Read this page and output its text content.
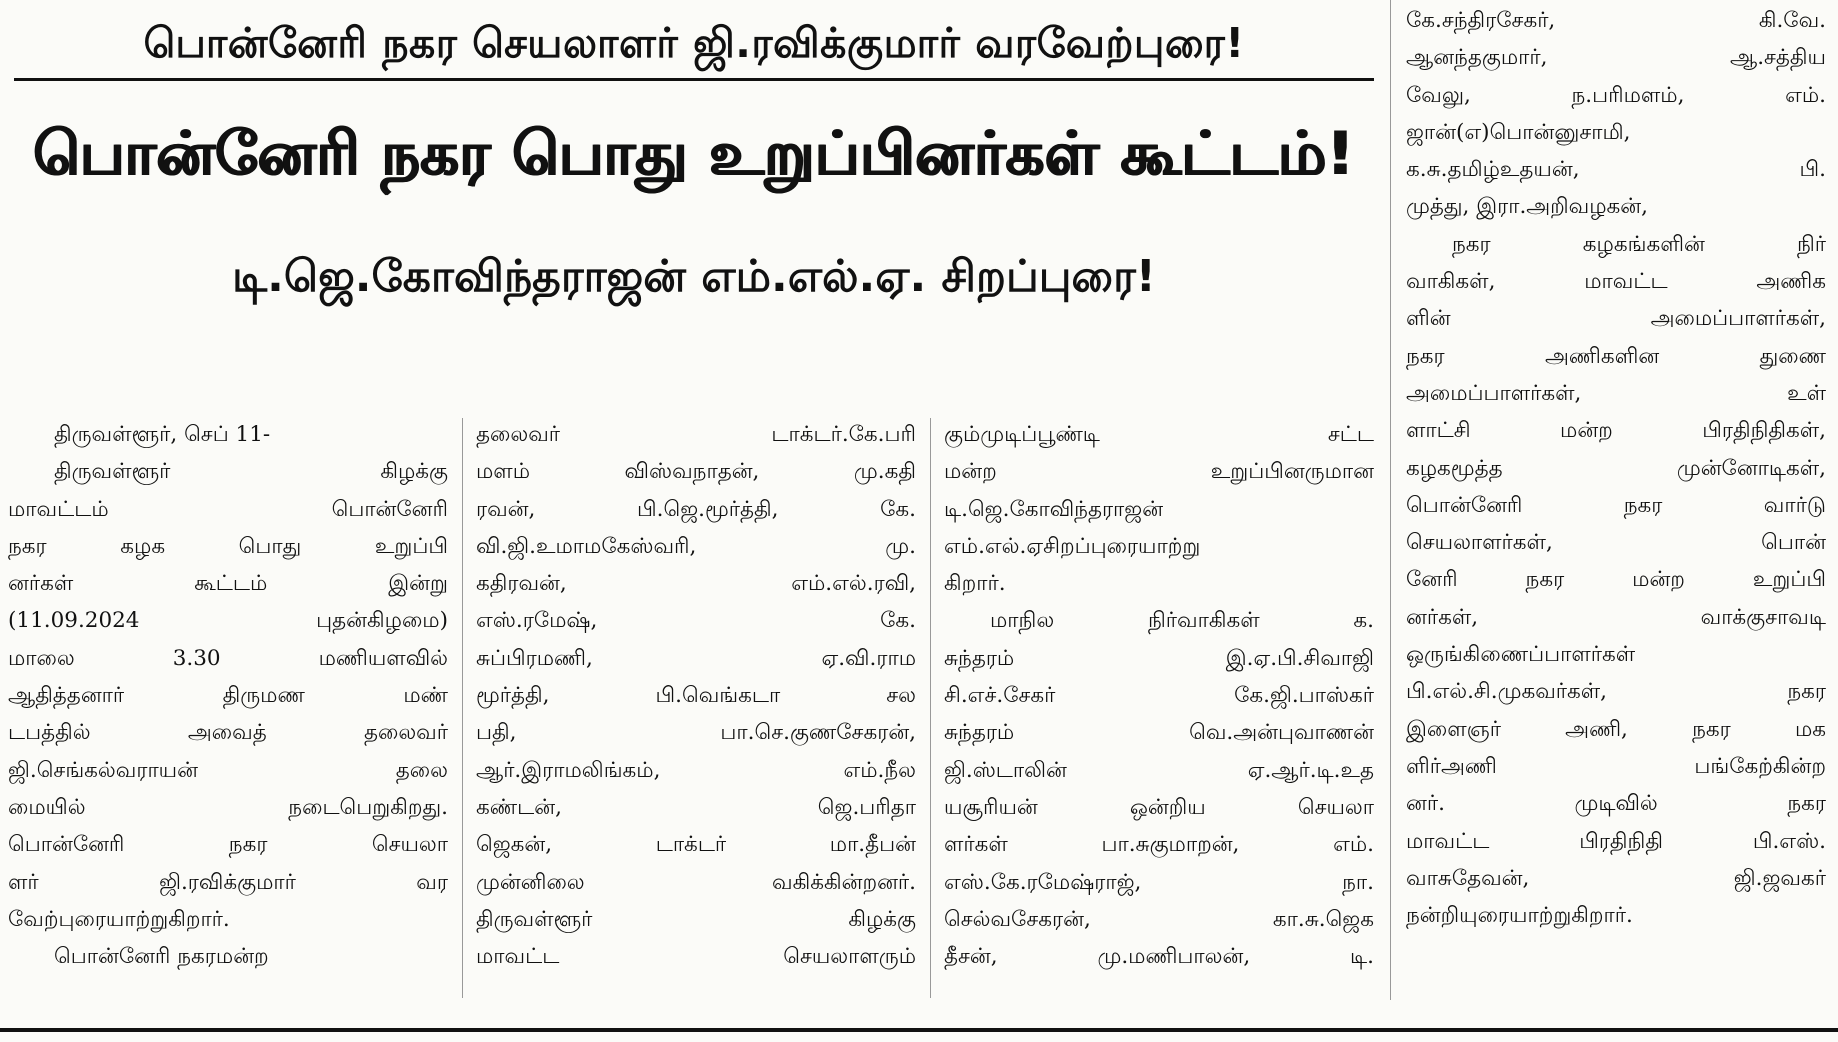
பொன்னேரி நகர செயலாளர் ஜி.ரவிக்குமார் வரவேற்புரை!
பொன்னேரி நகர பொது உறுப்பினர்கள் கூட்டம்!
டி.ஜெ.கோவிந்தராஜன் எம்.எல்.ஏ. சிறப்புரை!
திருவள்ளூர், செப் 11-
திருவள்ளூர் கிழக்கு
மாவட்டம் பொன்னேரி
நகர கழக பொது உறுப்பி
னர்கள் கூட்டம் இன்று
(11.09.2024 புதன்கிழமை)
மாலை 3.30 மணியளவில்
ஆதித்தனார் திருமண மண்
டபத்தில் அவைத் தலைவர்
ஜி.செங்கல்வராயன் தலை
மையில் நடைபெறுகிறது.
பொன்னேரி நகர செயலா
ளர் ஜி.ரவிக்குமார் வர
வேற்புரையாற்றுகிறார்.
பொன்னேரி நகரமன்ற
தலைவர் டாக்டர்.கே.பரி
மளம் விஸ்வநாதன், மு.கதி
ரவன், பி.ஜெ.மூர்த்தி, கே.
வி.ஜி.உமாமகேஸ்வரி, மு.
கதிரவன், எம்.எல்.ரவி,
எஸ்.ரமேஷ், கே.
சுப்பிரமணி, ஏ.வி.ராம
மூர்த்தி, பி.வெங்கடா சல
பதி, பா.செ.குணசேகரன்,
ஆர்.இராமலிங்கம், எம்.நீல
கண்டன், ஜெ.பரிதா
ஜெகன், டாக்டர் மா.தீபன்
முன்னிலை வகிக்கின்றனர்.
திருவள்ளூர் கிழக்கு
மாவட்ட செயலாளரும்
கும்முடிப்பூண்டி சட்ட
மன்ற உறுப்பினருமான
டி.ஜெ.கோவிந்தராஜன்
எம்.எல்.ஏசிறப்புரையாற்று
கிறார்.
மாநில நிர்வாகிகள் க.
சுந்தரம் இ.ஏ.பி.சிவாஜி
சி.எச்.சேகர் கே.ஜி.பாஸ்கர்
சுந்தரம் வெ.அன்புவாணன்
ஜி.ஸ்டாலின் ஏ.ஆர்.டி.உத
யசூரியன் ஒன்றிய செயலா
ளர்கள் பா.சுகுமாறன், எம்.
எஸ்.கே.ரமேஷ்ராஜ், நா.
செல்வசேகரன், கா.சு.ஜெக
தீசன், மு.மணிபாலன், டி.
கே.சந்திரசேகர், கி.வே.
ஆனந்தகுமார், ஆ.சத்திய
வேலு, ந.பரிமளம், எம்.
ஜான்(எ)பொன்னுசாமி,
க.சு.தமிழ்உதயன், பி.
முத்து, இரா.அறிவழகன்,
நகர கழகங்களின் நிர்
வாகிகள், மாவட்ட அணிக
ளின் அமைப்பாளர்கள்,
நகர அணிகளின துணை
அமைப்பாளர்கள், உள்
ளாட்சி மன்ற பிரதிநிதிகள்,
கழகமூத்த முன்னோடிகள்,
பொன்னேரி நகர வார்டு
செயலாளர்கள், பொன்
னேரி நகர மன்ற உறுப்பி
னர்கள், வாக்குசாவடி
ஒருங்கிணைப்பாளர்கள்
பி.எல்.சி.முகவர்கள், நகர
இளைஞர் அணி, நகர மக
ளிர்அணி பங்கேற்கின்ற
னர். முடிவில் நகர
மாவட்ட பிரதிநிதி பி.எஸ்.
வாசுதேவன், ஜி.ஜவகர்
நன்றியுரையாற்றுகிறார்.
